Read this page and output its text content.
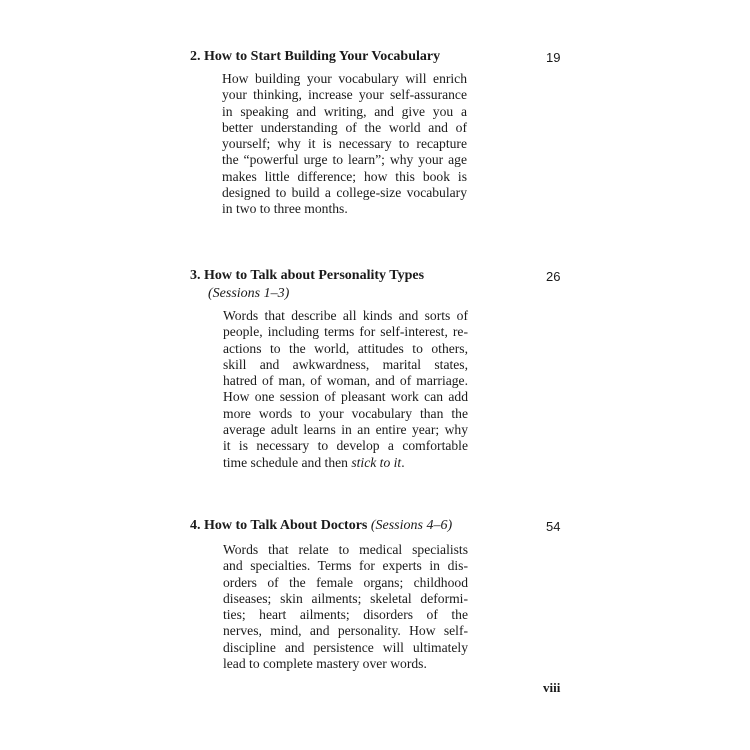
2. How to Start Building Your Vocabulary	19
How building your vocabulary will enrich
your thinking, increase your self-assurance
in speaking and writing, and give you a
better understanding of the world and of
yourself; why it is necessary to recapture
the “powerful urge to learn”; why your age
makes little difference; how this book is
designed to build a college-size vocabulary
in two to three months.
3. How to Talk about Personality Types
(Sessions 1–3)
26
Words that describe all kinds and sorts of
people, including terms for self-interest, re-
actions to the world, attitudes to others,
skill and awkwardness, marital states,
hatred of man, of woman, and of marriage.
How one session of pleasant work can add
more words to your vocabulary than the
average adult learns in an entire year; why
it is necessary to develop a comfortable
time schedule and then stick to it.
4. How to Talk About Doctors (Sessions 4–6)	54
Words that relate to medical specialists
and specialties. Terms for experts in dis-
orders of the female organs; childhood
diseases; skin ailments; skeletal deformi-
ties; heart ailments; disorders of the
nerves, mind, and personality. How self-
discipline and persistence will ultimately
lead to complete mastery over words.
viii
